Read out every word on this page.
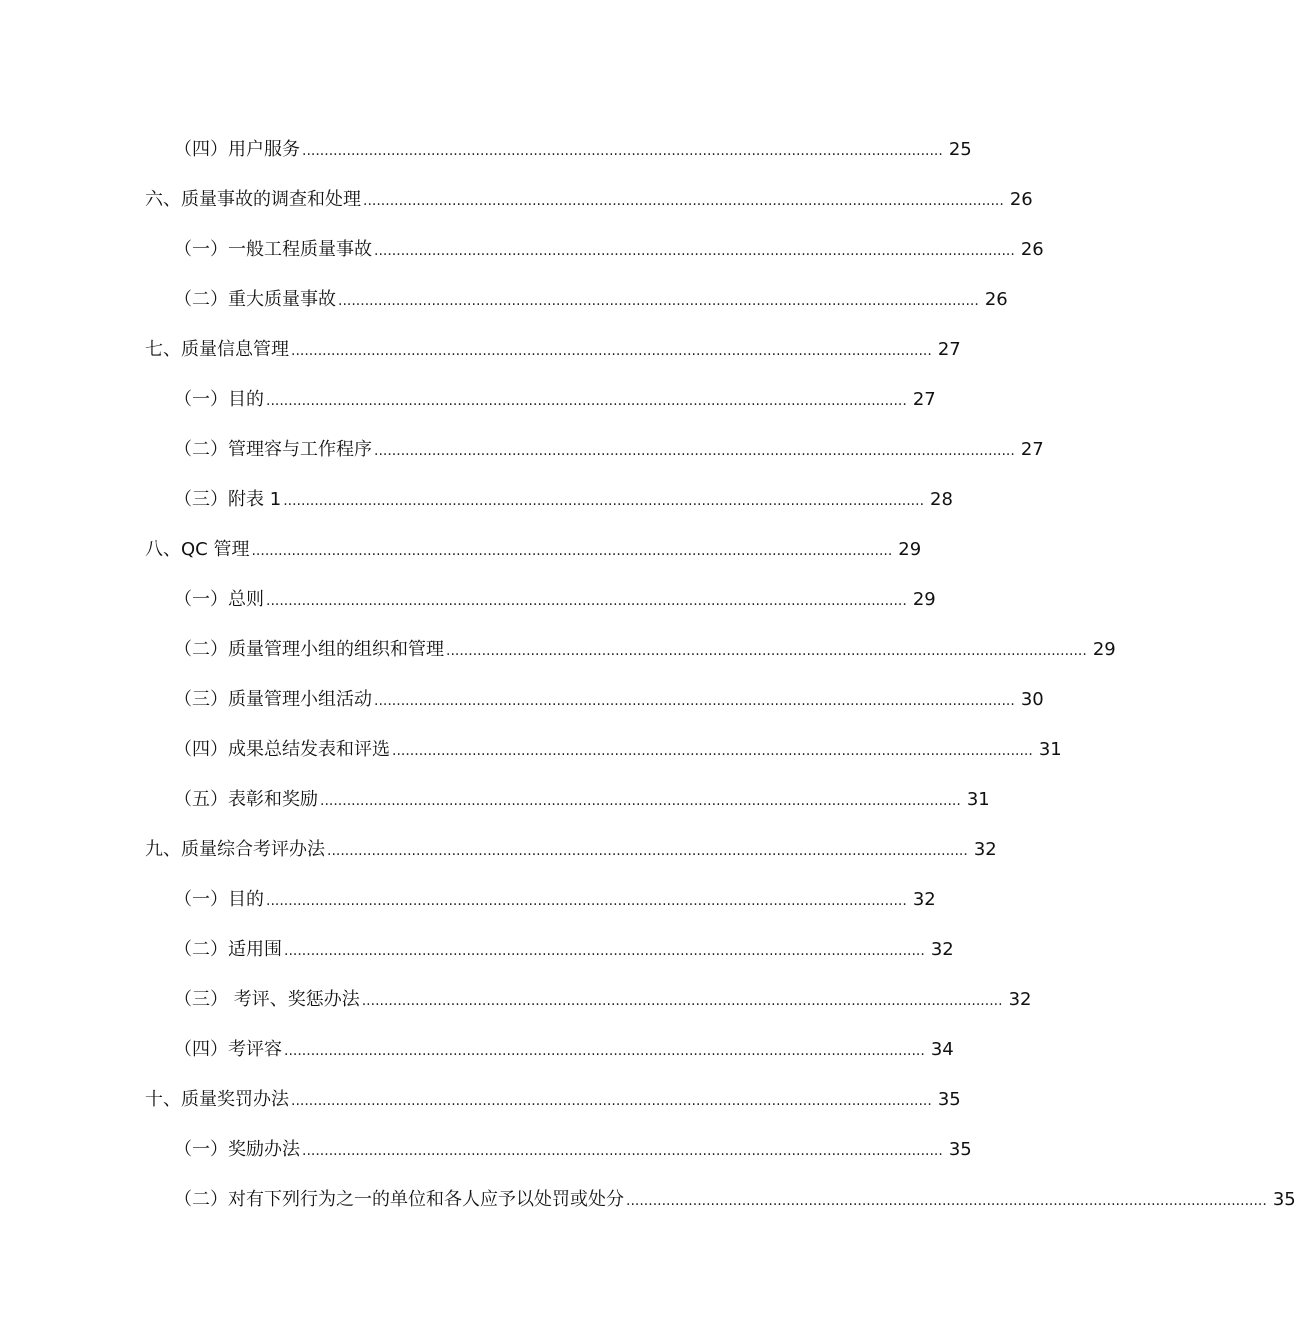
（四）用户服务 ................................................................................................................................................ 25
六、质量事故的调查和处理 ................................................................................................................................................ 26
（一）一般工程质量事故 ................................................................................................................................................ 26
（二）重大质量事故 ................................................................................................................................................ 26
七、质量信息管理 ................................................................................................................................................ 27
（一）目的 ................................................................................................................................................ 27
（二）管理容与工作程序 ................................................................................................................................................ 27
（三）附表 1 ................................................................................................................................................ 28
八、QC 管理 ................................................................................................................................................ 29
（一）总则 ................................................................................................................................................ 29
（二）质量管理小组的组织和管理 ................................................................................................................................................ 29
（三）质量管理小组活动 ................................................................................................................................................ 30
（四）成果总结发表和评选 ................................................................................................................................................ 31
（五）表彰和奖励 ................................................................................................................................................ 31
九、质量综合考评办法 ................................................................................................................................................ 32
（一）目的 ................................................................................................................................................ 32
（二）适用围 ................................................................................................................................................ 32
（三） 考评、奖惩办法 ................................................................................................................................................ 32
（四）考评容 ................................................................................................................................................ 34
十、质量奖罚办法 ................................................................................................................................................ 35
（一）奖励办法 ................................................................................................................................................ 35
（二）对有下列行为之一的单位和各人应予以处罚或处分 ................................................................................................................................................ 35
